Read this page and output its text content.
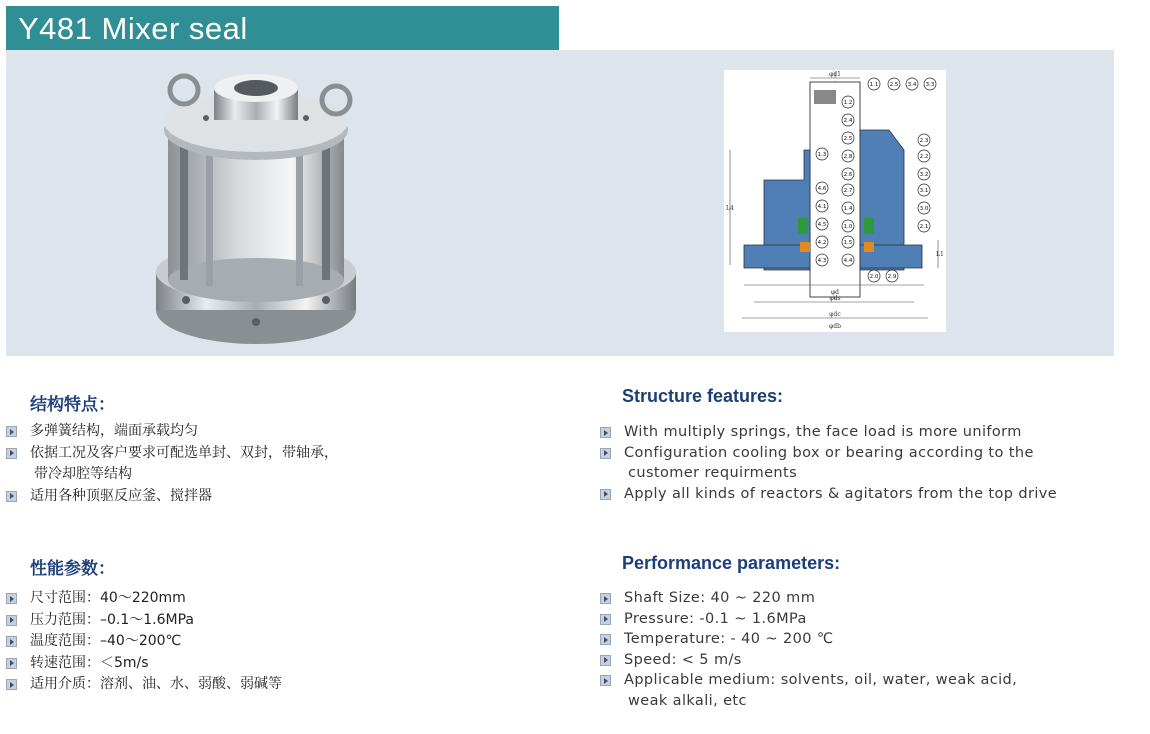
Y481 Mixer seal
φd1
φd
φds
φdc
φdb
L4
L1
1.1 2.5 3.4 3.3
1.2
2.4
2.5	2.3
1.3	2.8	2.2
2.6	3.2
4.6	2.7	3.1
4.1	1.4	3.0
4.5	1.0	2.1
4.2	1.5
4.3	4.4
2.0 2.9
结构特点：
多弹簧结构，端面承载均匀
依据工况及客户要求可配选单封、双封，带轴承，
带冷却腔等结构
适用各种顶驱反应釜、搅拌器
Structure features:
With multiply springs, the face load is more uniform
Configuration cooling box or bearing according to the
customer requirments
Apply all kinds of reactors & agitators from the top drive
性能参数：
尺寸范围：40～220mm
压力范围：–0.1～1.6MPa
温度范围：–40～200℃
转速范围：＜5m/s
适用介质：溶剂、油、水、弱酸、弱碱等
Performance parameters:
Shaft Size: 40 ~ 220 mm
Pressure: -0.1 ~ 1.6MPa
Temperature: - 40 ~ 200 ℃
Speed: < 5 m/s
Applicable medium: solvents, oil, water, weak acid,
weak alkali, etc
